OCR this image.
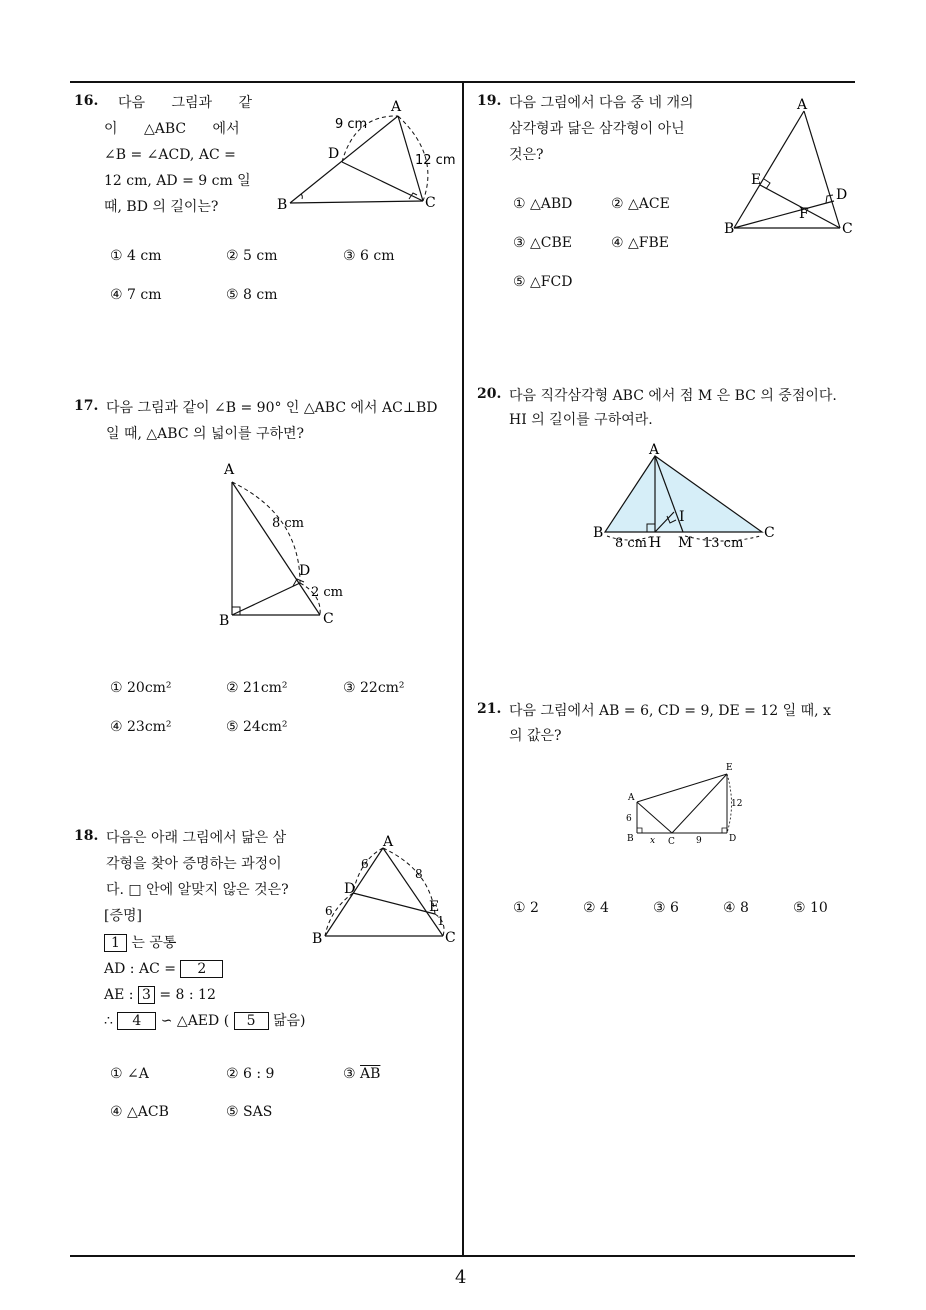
4
16. 다음 그림과 같
이 △ABC 에서
∠B = ∠ACD, AC =
12 cm, AD = 9 cm 일
때, BD 의 길이는?
A
B	C
D
9 cm
12 cm
① 4 cm	② 5 cm	③ 6 cm
④ 7 cm	⑤ 8 cm
17. 다음 그림과 같이 ∠B = 90° 인 △ABC 에서 AC⊥BD
일 때, △ABC 의 넓이를 구하면?
A
B	C
D
8 cm
2 cm
① 20cm²	② 21cm²	③ 22cm²
④ 23cm²	⑤ 24cm²
18. 다음은 아래 그림에서 닮은 삼
각형을 찾아 증명하는 과정이
다. □ 안에 알맞지 않은 것은?
[증명]
1 는 공통
AD : AC = 2
AE : 3 = 8 : 12
∴ 4 ∽ △AED ( 5 닮음)
A
B	C
D
E
6
6
8
1
① ∠A	② 6 : 9	③ $\overline{AB}$
④ △ACB	⑤ SAS
19. 다음 그림에서 다음 중 네 개의
삼각형과 닮은 삼각형이 아닌
것은?
A
B	C
D
E
F
① △ABD	② △ACE
③ △CBE	④ △FBE
⑤ △FCD
20. 다음 직각삼각형 ABC 에서 점 M 은 BC 의 중점이다.
HI 의 길이를 구하여라.
A
B	C
H
I
M
8 cm	13 cm
21. 다음 그림에서 AB = 6, CD = 9, DE = 12 일 때, x
의 값은?
A
B	C	D
E
6
x	9
12
① 2	② 4	③ 6	④ 8	⑤ 10
